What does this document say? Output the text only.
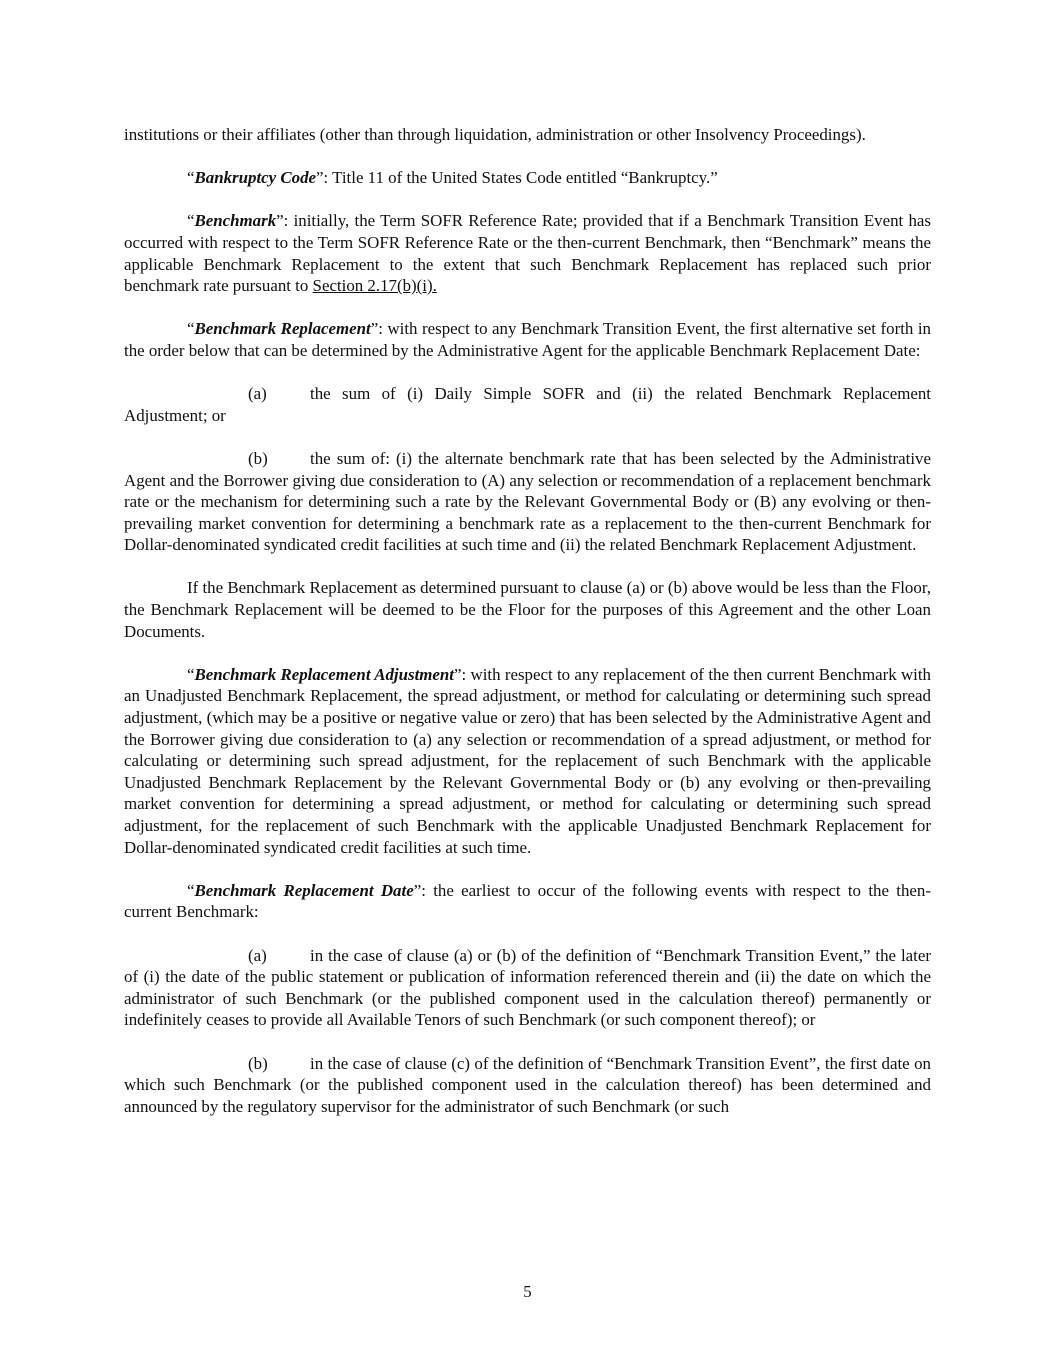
institutions or their affiliates (other than through liquidation, administration or other Insolvency Proceedings).

“Bankruptcy Code”: Title 11 of the United States Code entitled “Bankruptcy.”

“Benchmark”: initially, the Term SOFR Reference Rate; provided that if a Benchmark Transition Event has occurred with respect to the Term SOFR Reference Rate or the then-current Benchmark, then “Benchmark” means the applicable Benchmark Replacement to the extent that such Benchmark Replacement has replaced such prior benchmark rate pursuant to Section 2.17(b)(i).

“Benchmark Replacement”: with respect to any Benchmark Transition Event, the first alternative set forth in the order below that can be determined by the Administrative Agent for the applicable Benchmark Replacement Date:

(a)	the sum of (i) Daily Simple SOFR and (ii) the related Benchmark Replacement Adjustment; or

(b)	the sum of: (i) the alternate benchmark rate that has been selected by the Administrative Agent and the Borrower giving due consideration to (A) any selection or recommendation of a replacement benchmark rate or the mechanism for determining such a rate by the Relevant Governmental Body or (B) any evolving or then-prevailing market convention for determining a benchmark rate as a replacement to the then-current Benchmark for Dollar-denominated syndicated credit facilities at such time and (ii) the related Benchmark Replacement Adjustment.

If the Benchmark Replacement as determined pursuant to clause (a) or (b) above would be less than the Floor, the Benchmark Replacement will be deemed to be the Floor for the purposes of this Agreement and the other Loan Documents.

“Benchmark Replacement Adjustment”: with respect to any replacement of the then current Benchmark with an Unadjusted Benchmark Replacement, the spread adjustment, or method for calculating or determining such spread adjustment, (which may be a positive or negative value or zero) that has been selected by the Administrative Agent and the Borrower giving due consideration to (a) any selection or recommendation of a spread adjustment, or method for calculating or determining such spread adjustment, for the replacement of such Benchmark with the applicable Unadjusted Benchmark Replacement by the Relevant Governmental Body or (b) any evolving or then-prevailing market convention for determining a spread adjustment, or method for calculating or determining such spread adjustment, for the replacement of such Benchmark with the applicable Unadjusted Benchmark Replacement for Dollar-denominated syndicated credit facilities at such time.

“Benchmark Replacement Date”: the earliest to occur of the following events with respect to the then-current Benchmark:

(a)	in the case of clause (a) or (b) of the definition of “Benchmark Transition Event,” the later of (i) the date of the public statement or publication of information referenced therein and (ii) the date on which the administrator of such Benchmark (or the published component used in the calculation thereof) permanently or indefinitely ceases to provide all Available Tenors of such Benchmark (or such component thereof); or

(b)	in the case of clause (c) of the definition of “Benchmark Transition Event”, the first date on which such Benchmark (or the published component used in the calculation thereof) has been determined and announced by the regulatory supervisor for the administrator of such Benchmark (or such

5
